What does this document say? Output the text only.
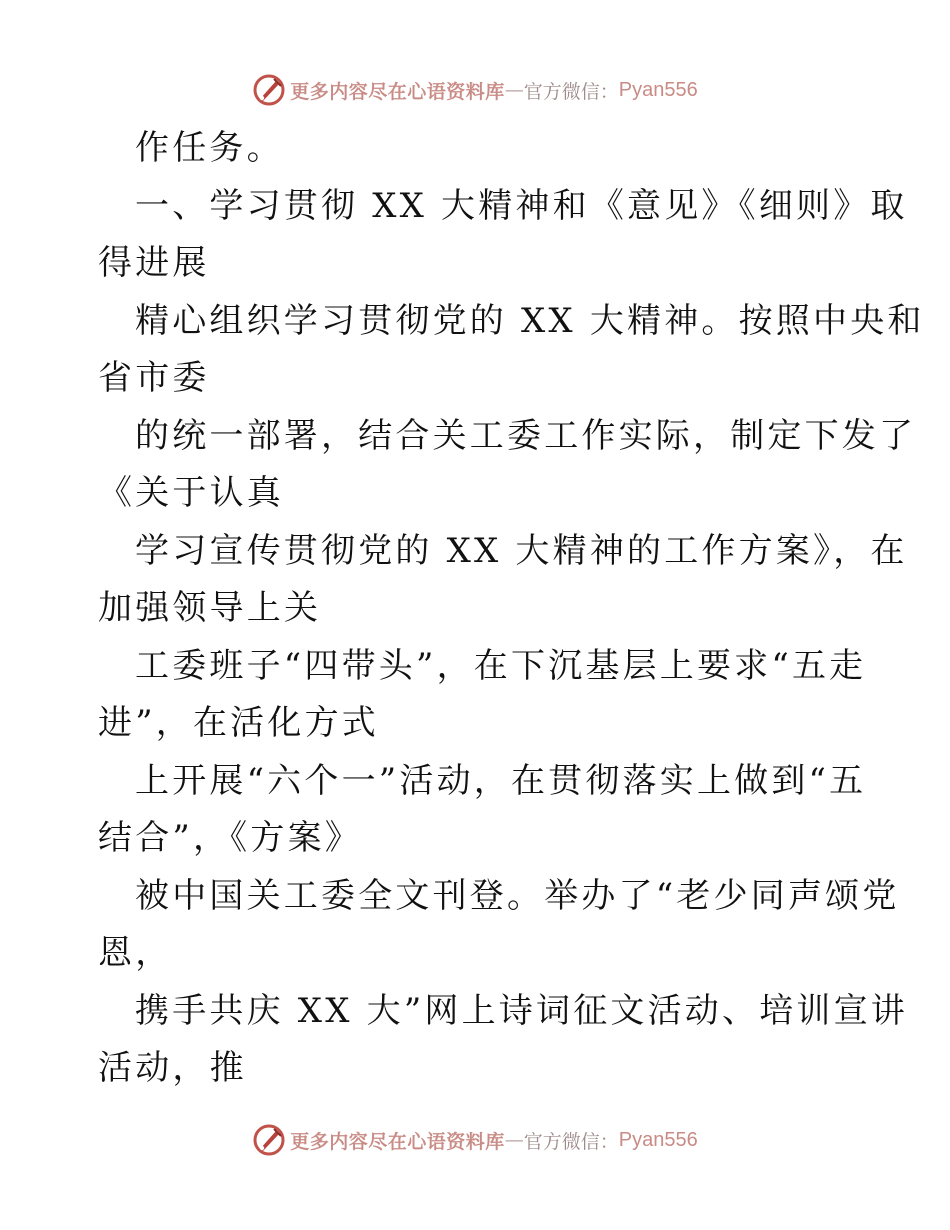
更多内容尽在心语资料库 — 官方微信： Pyan556
作任务。
一、学习贯彻 XX 大精神和《意见》《细则》取
得进展
精心组织学习贯彻党的 XX 大精神。按照中央和
省市委
的统一部署，结合关工委工作实际，制定下发了
《关于认真
学习宣传贯彻党的 XX 大精神的工作方案》，在
加强领导上关
工委班子“四带头”，在下沉基层上要求“五走
进”，在活化方式
上开展“六个一”活动，在贯彻落实上做到“五
结合”，《方案》
被中国关工委全文刊登。举办了“老少同声颂党
恩，
携手共庆 XX 大”网上诗词征文活动、培训宣讲
活动，推
更多内容尽在心语资料库 — 官方微信： Pyan556
